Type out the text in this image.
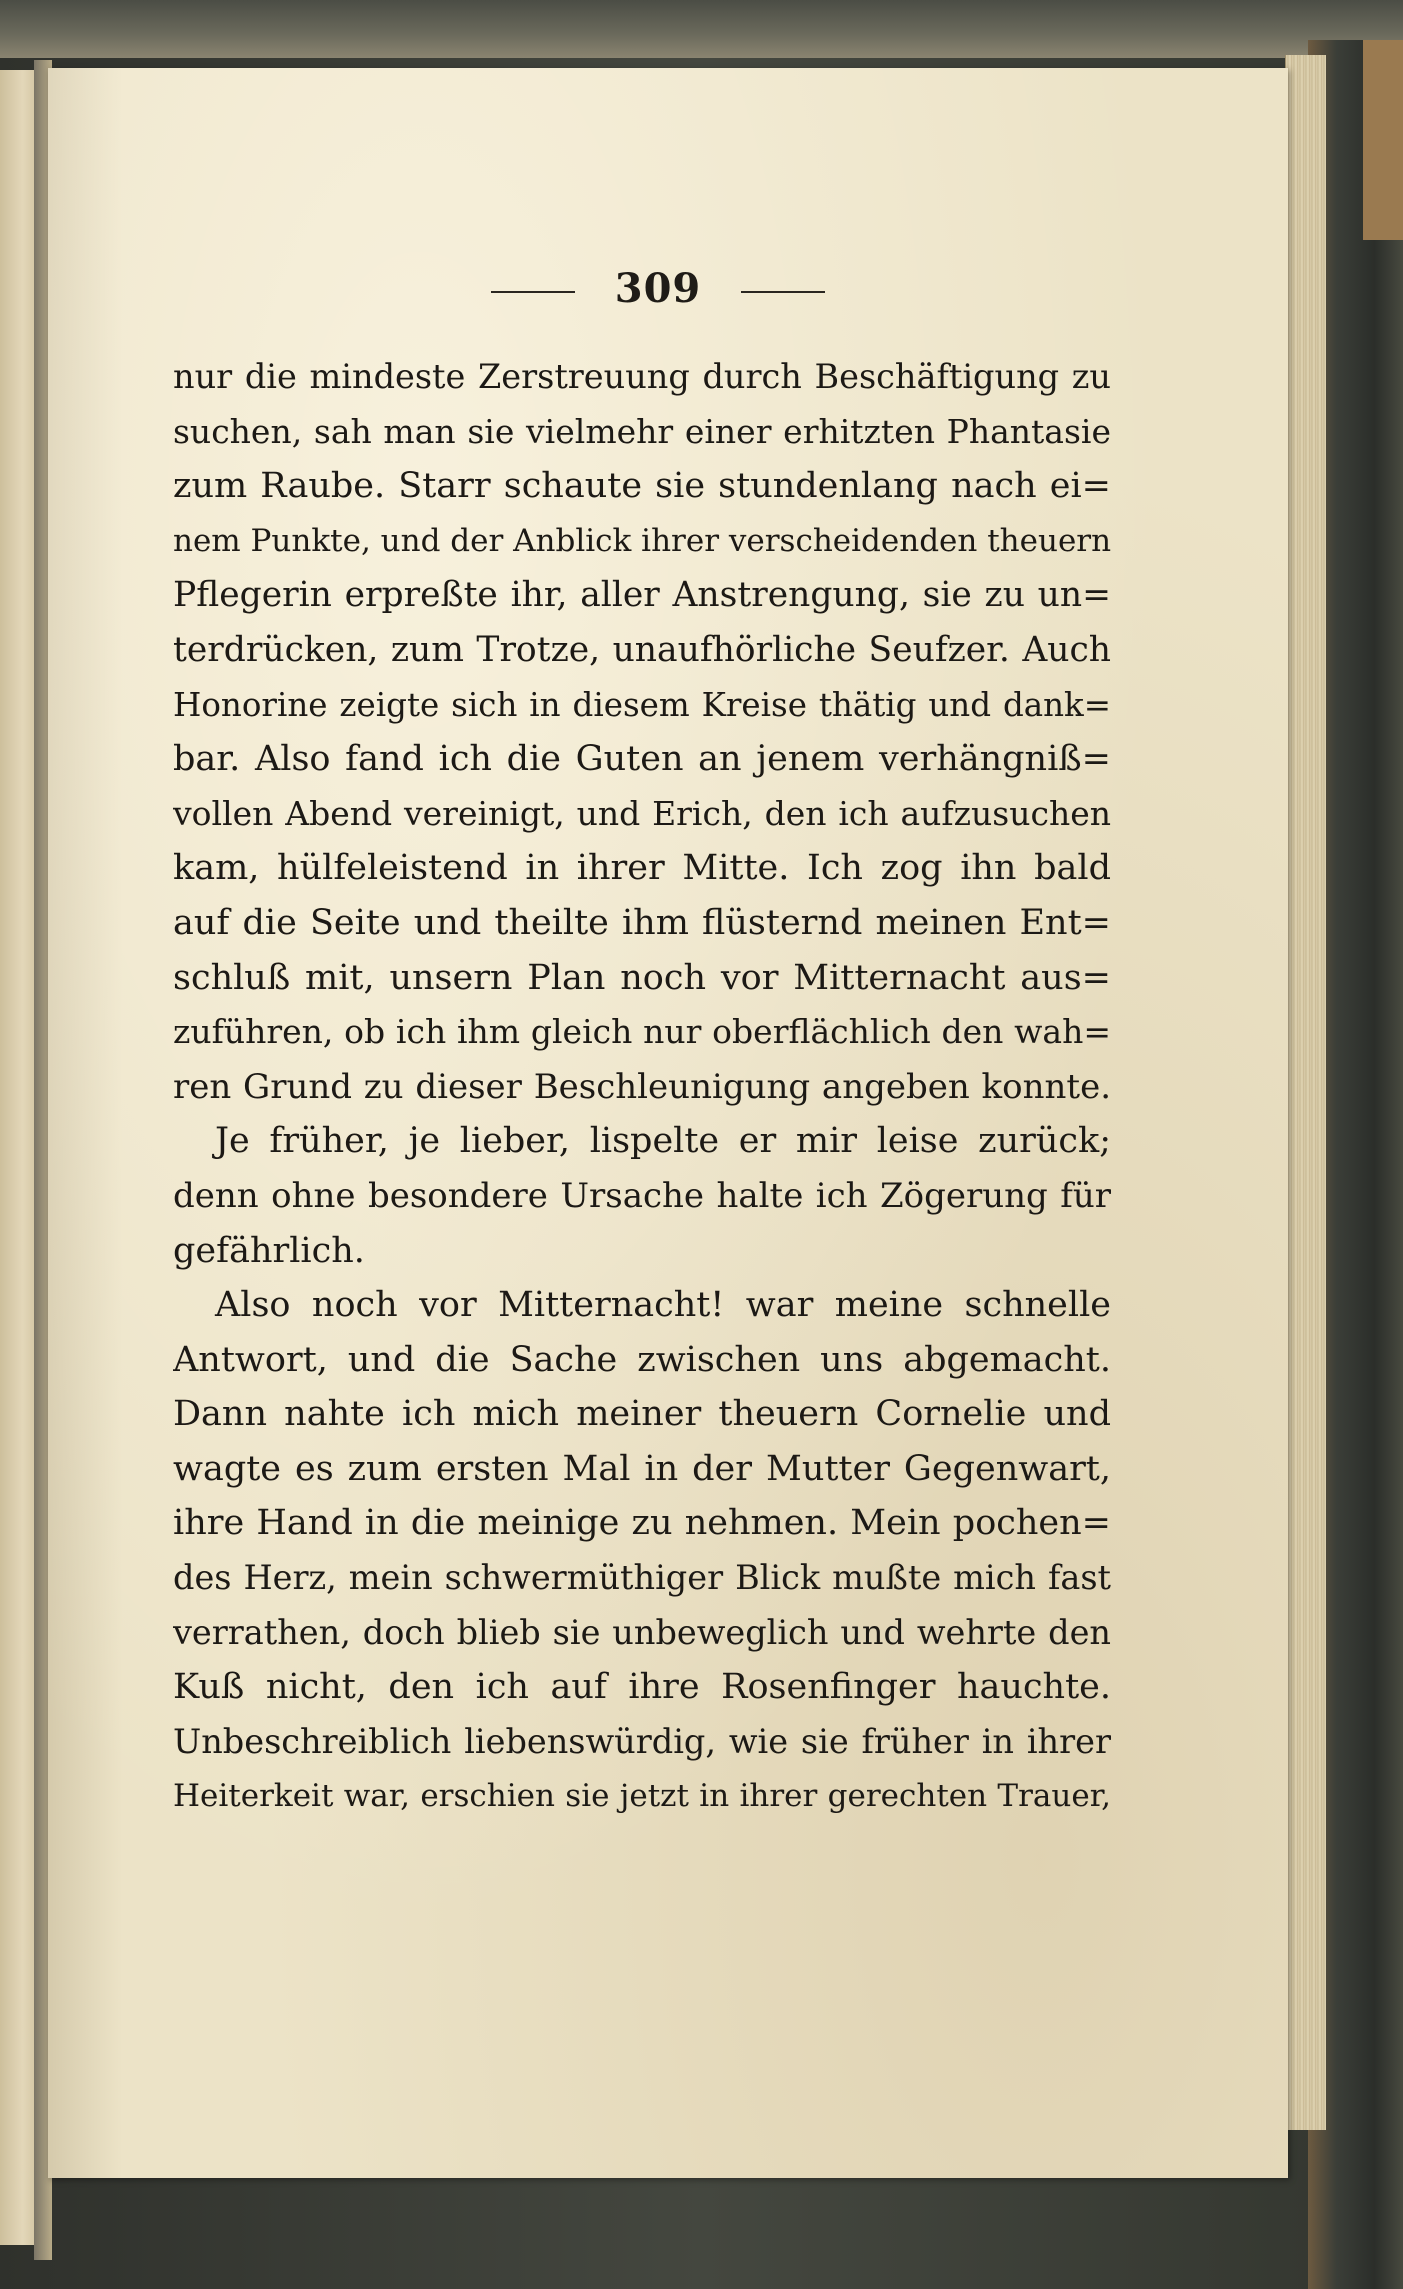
309
nur die mindeste Zerstreuung durch Beschäftigung zu
suchen, sah man sie vielmehr einer erhitzten Phantasie
zum Raube. Starr schaute sie stundenlang nach ei=
nem Punkte, und der Anblick ihrer verscheidenden theuern
Pflegerin erpreßte ihr, aller Anstrengung, sie zu un=
terdrücken, zum Trotze, unaufhörliche Seufzer. Auch
Honorine zeigte sich in diesem Kreise thätig und dank=
bar. Also fand ich die Guten an jenem verhängniß=
vollen Abend vereinigt, und Erich, den ich aufzusuchen
kam, hülfeleistend in ihrer Mitte. Ich zog ihn bald
auf die Seite und theilte ihm flüsternd meinen Ent=
schluß mit, unsern Plan noch vor Mitternacht aus=
zuführen, ob ich ihm gleich nur oberflächlich den wah=
ren Grund zu dieser Beschleunigung angeben konnte.
Je früher, je lieber, lispelte er mir leise zurück;
denn ohne besondere Ursache halte ich Zögerung für
gefährlich.
Also noch vor Mitternacht! war meine schnelle
Antwort, und die Sache zwischen uns abgemacht.
Dann nahte ich mich meiner theuern Cornelie und
wagte es zum ersten Mal in der Mutter Gegenwart,
ihre Hand in die meinige zu nehmen. Mein pochen=
des Herz, mein schwermüthiger Blick mußte mich fast
verrathen, doch blieb sie unbeweglich und wehrte den
Kuß nicht, den ich auf ihre Rosenfinger hauchte.
Unbeschreiblich liebenswürdig, wie sie früher in ihrer
Heiterkeit war, erschien sie jetzt in ihrer gerechten Trauer,
